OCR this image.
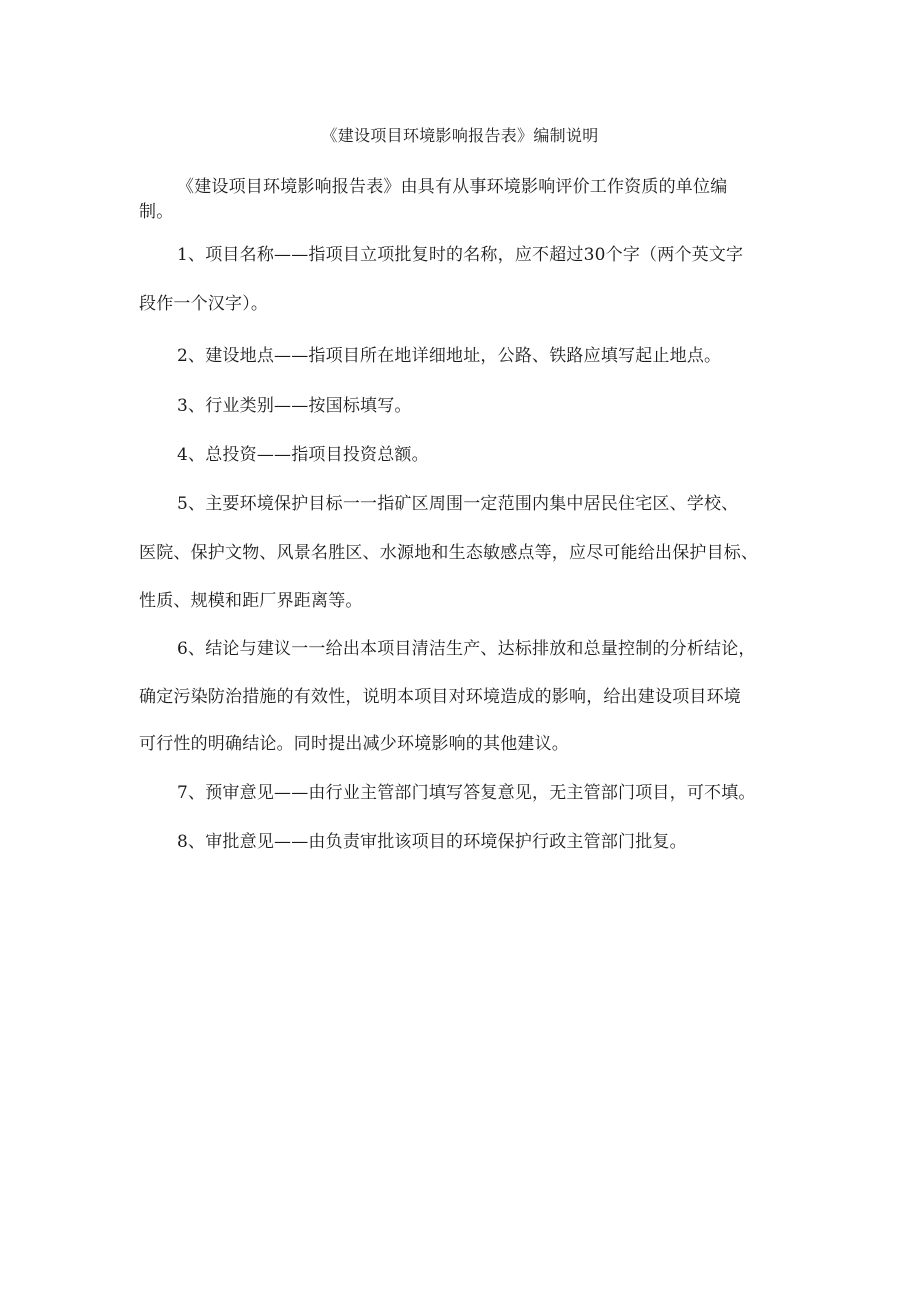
《建设项目环境影响报告表》编制说明
《建设项目环境影响报告表》由具有从事环境影响评价工作资质的单位编
制。
1、项目名称——指项目立项批复时的名称，应不超过30个字（两个英文字
段作一个汉字）。
2、建设地点——指项目所在地详细地址，公路、铁路应填写起止地点。
3、行业类别——按国标填写。
4、总投资——指项目投资总额。
5、主要环境保护目标一一指矿区周围一定范围内集中居民住宅区、学校、
医院、保护文物、风景名胜区、水源地和生态敏感点等，应尽可能给出保护目标、
性质、规模和距厂界距离等。
6、结论与建议一一给出本项目清洁生产、达标排放和总量控制的分析结论，
确定污染防治措施的有效性，说明本项目对环境造成的影响，给出建设项目环境
可行性的明确结论。同时提出减少环境影响的其他建议。
7、预审意见——由行业主管部门填写答复意见，无主管部门项目，可不填。
8、审批意见——由负责审批该项目的环境保护行政主管部门批复。
